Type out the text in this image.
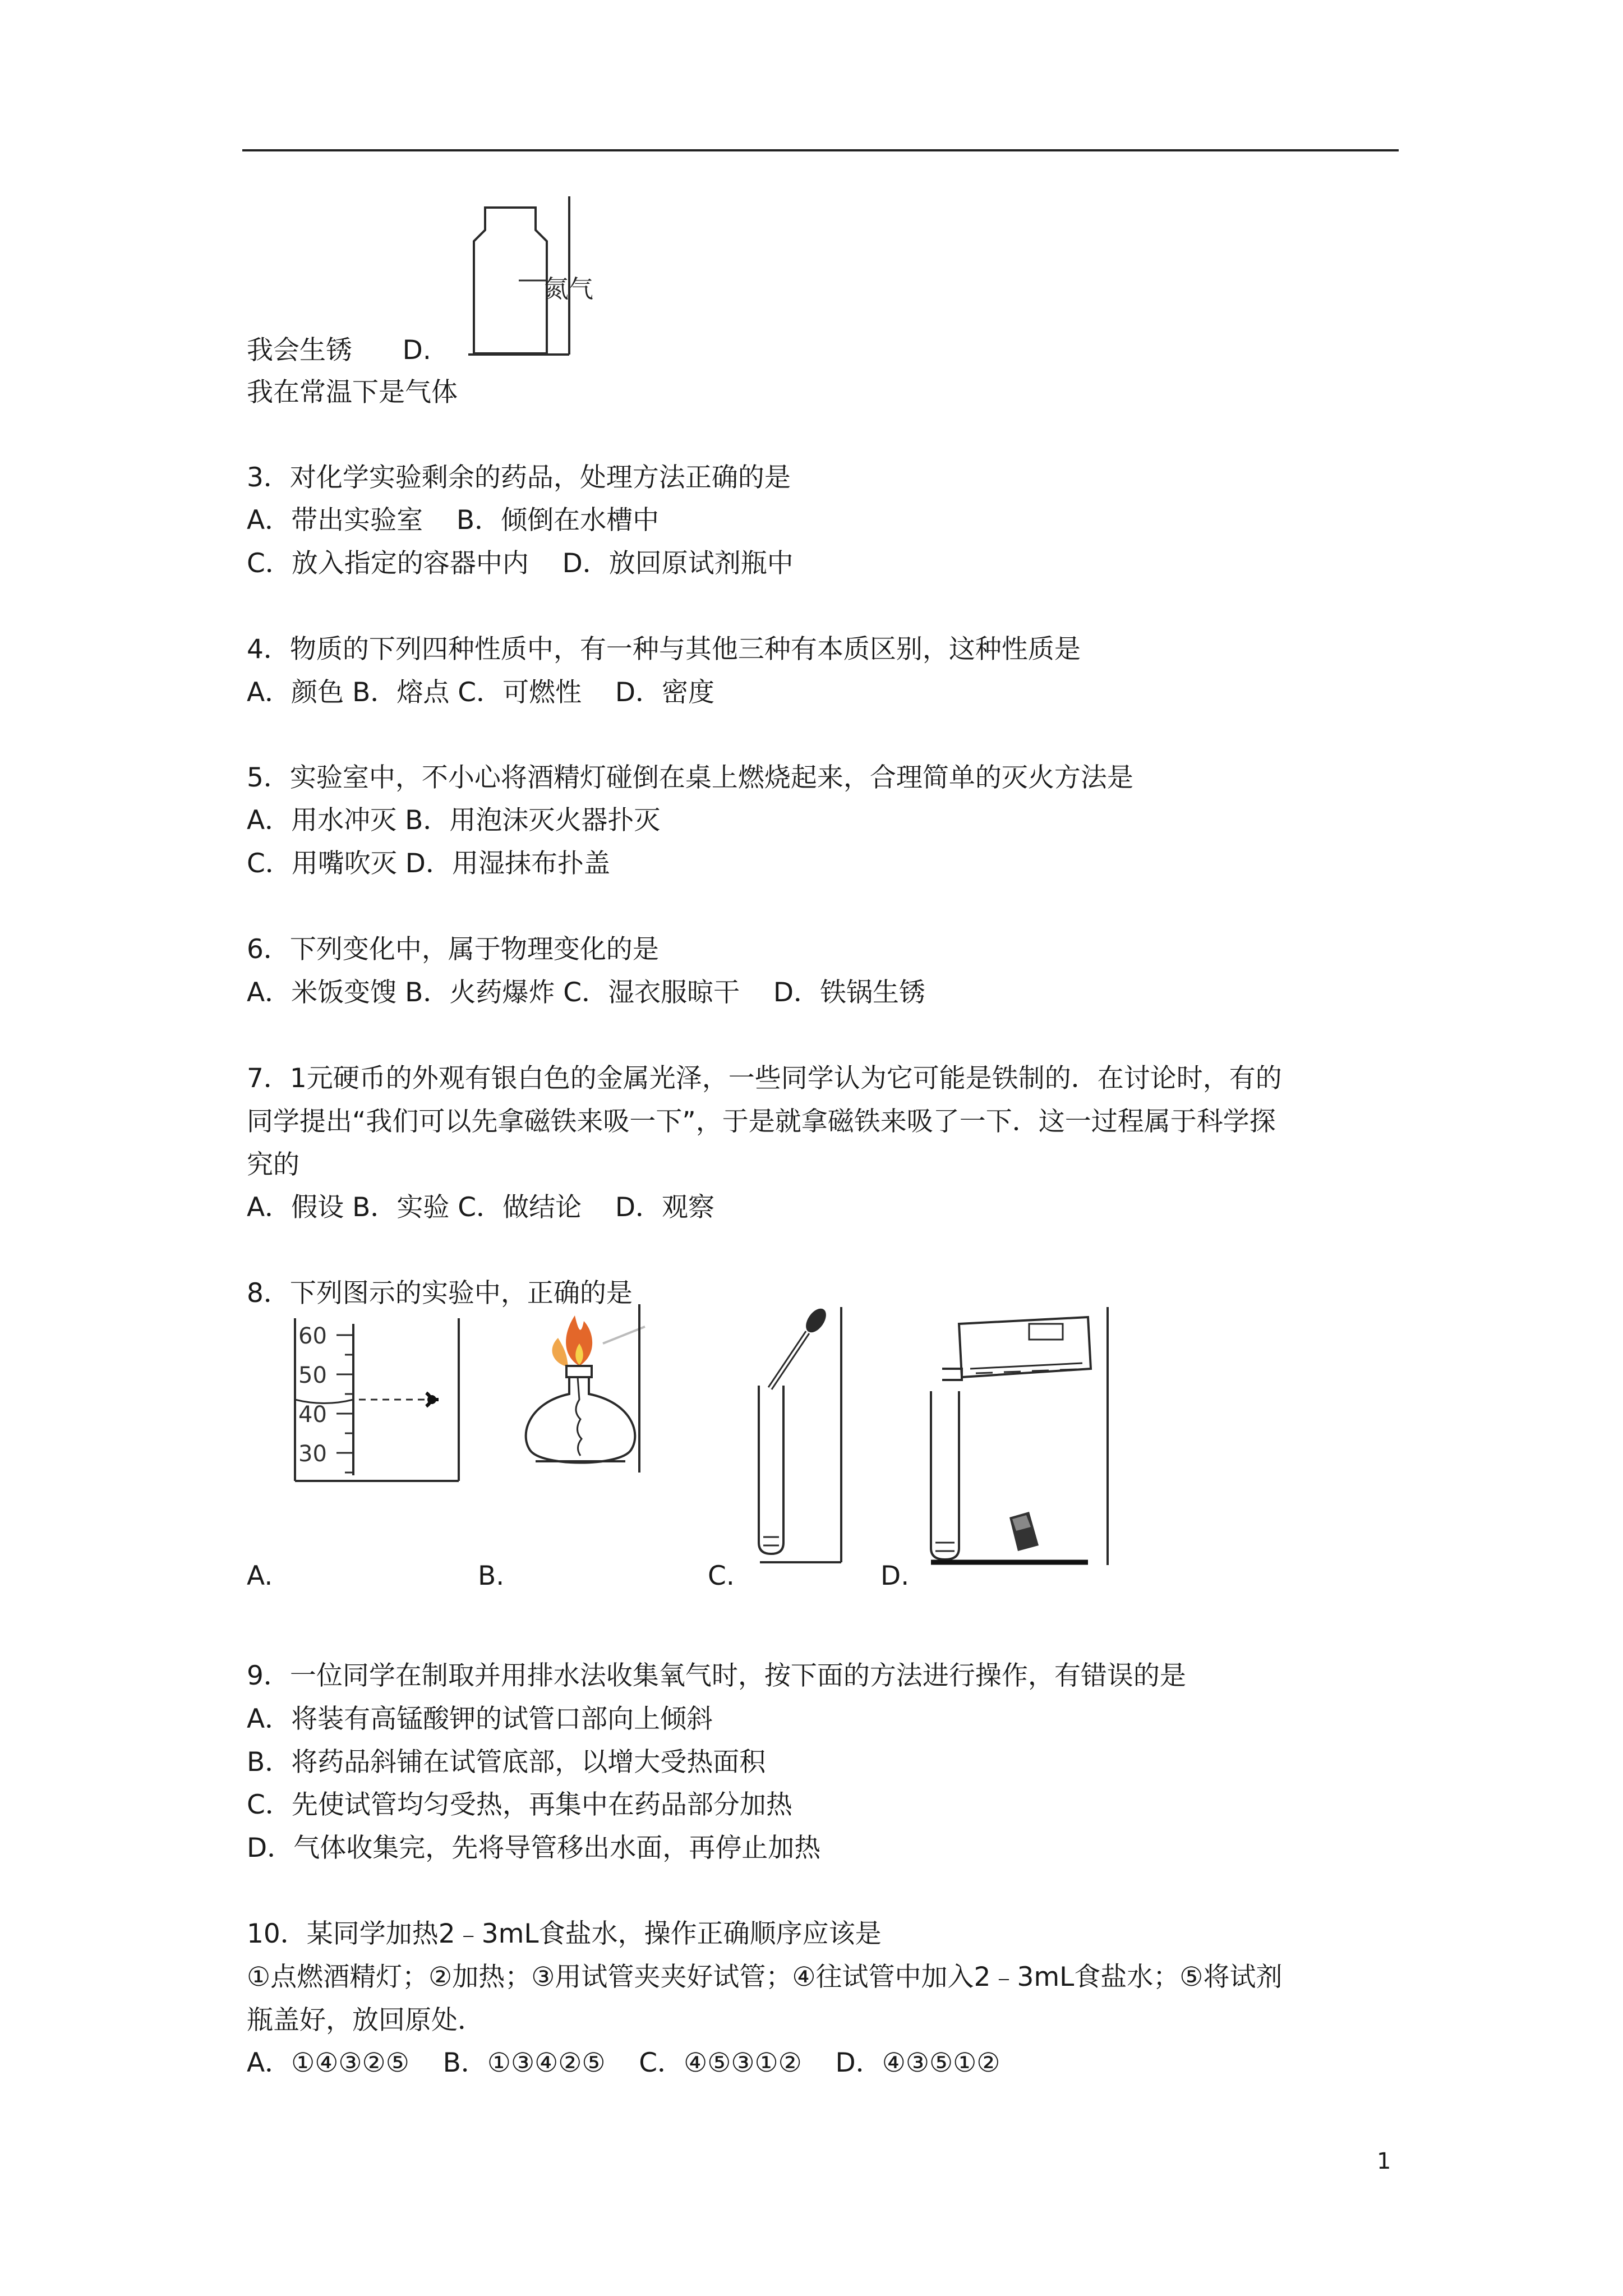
氮气
我会生锈      D.
我在常温下是气体
3．对化学实验剩余的药品，处理方法正确的是
A．带出实验室    B．倾倒在水槽中
C．放入指定的容器中内    D．放回原试剂瓶中
4．物质的下列四种性质中，有一种与其他三种有本质区别，这种性质是
A．颜色 B．熔点 C．可燃性    D．密度
5．实验室中，不小心将酒精灯碰倒在桌上燃烧起来，合理简单的灭火方法是
A．用水冲灭 B．用泡沫灭火器扑灭
C．用嘴吹灭 D．用湿抹布扑盖
6．下列变化中，属于物理变化的是
A．米饭变馊 B．火药爆炸 C．湿衣服晾干    D．铁锅生锈
7．1元硬币的外观有银白色的金属光泽，一些同学认为它可能是铁制的．在讨论时，有的
同学提出“我们可以先拿磁铁来吸一下”，于是就拿磁铁来吸了一下．这一过程属于科学探
究的
A．假设 B．实验 C．做结论    D．观察
8．下列图示的实验中，正确的是
60
50
40
30
A.	B.	C.	D.
9．一位同学在制取并用排水法收集氧气时，按下面的方法进行操作，有错误的是
A．将装有高锰酸钾的试管口部向上倾斜
B．将药品斜铺在试管底部，以增大受热面积
C．先使试管均匀受热，再集中在药品部分加热
D．气体收集完，先将导管移出水面，再停止加热
10．某同学加热2﹣3mL食盐水，操作正确顺序应该是
①点燃酒精灯；②加热；③用试管夹夹好试管；④往试管中加入2﹣3mL食盐水；⑤将试剂
瓶盖好，放回原处．
A．①④③②⑤    B．①③④②⑤    C．④⑤③①②    D．④③⑤①②
1
